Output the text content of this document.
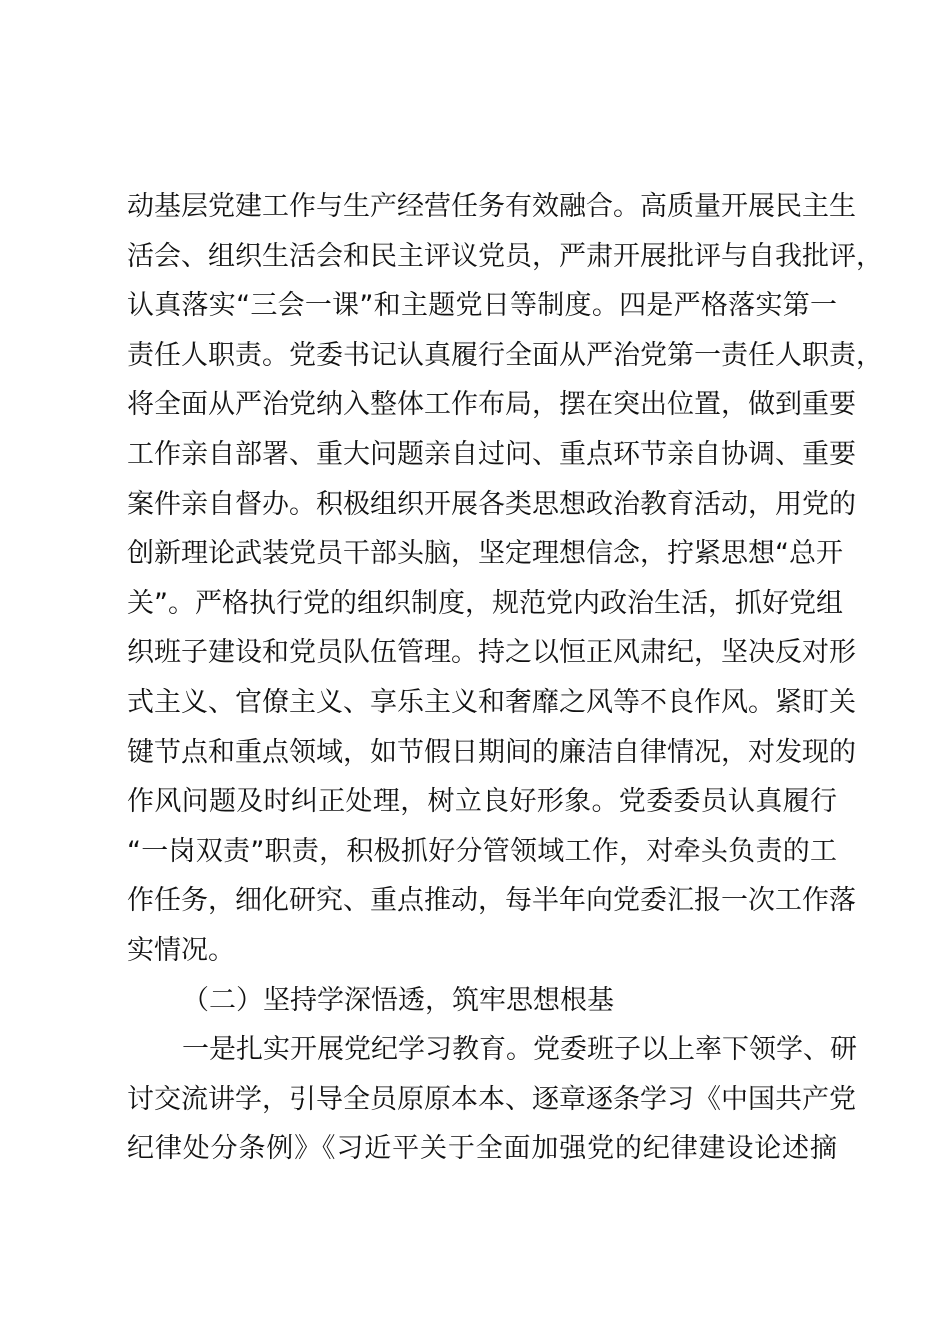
动基层党建工作与生产经营任务有效融合。高质量开展民主生
活会、组织生活会和民主评议党员，严肃开展批评与自我批评，
认真落实“三会一课”和主题党日等制度。四是严格落实第一
责任人职责。党委书记认真履行全面从严治党第一责任人职责，
将全面从严治党纳入整体工作布局，摆在突出位置，做到重要
工作亲自部署、重大问题亲自过问、重点环节亲自协调、重要
案件亲自督办。积极组织开展各类思想政治教育活动，用党的
创新理论武装党员干部头脑，坚定理想信念，拧紧思想“总开
关”。严格执行党的组织制度，规范党内政治生活，抓好党组
织班子建设和党员队伍管理。持之以恒正风肃纪，坚决反对形
式主义、官僚主义、享乐主义和奢靡之风等不良作风。紧盯关
键节点和重点领域，如节假日期间的廉洁自律情况，对发现的
作风问题及时纠正处理，树立良好形象。党委委员认真履行
“一岗双责”职责，积极抓好分管领域工作，对牵头负责的工
作任务，细化研究、重点推动，每半年向党委汇报一次工作落
实情况。
（二）坚持学深悟透，筑牢思想根基
一是扎实开展党纪学习教育。党委班子以上率下领学、研
讨交流讲学，引导全员原原本本、逐章逐条学习《中国共产党
纪律处分条例》《习近平关于全面加强党的纪律建设论述摘
